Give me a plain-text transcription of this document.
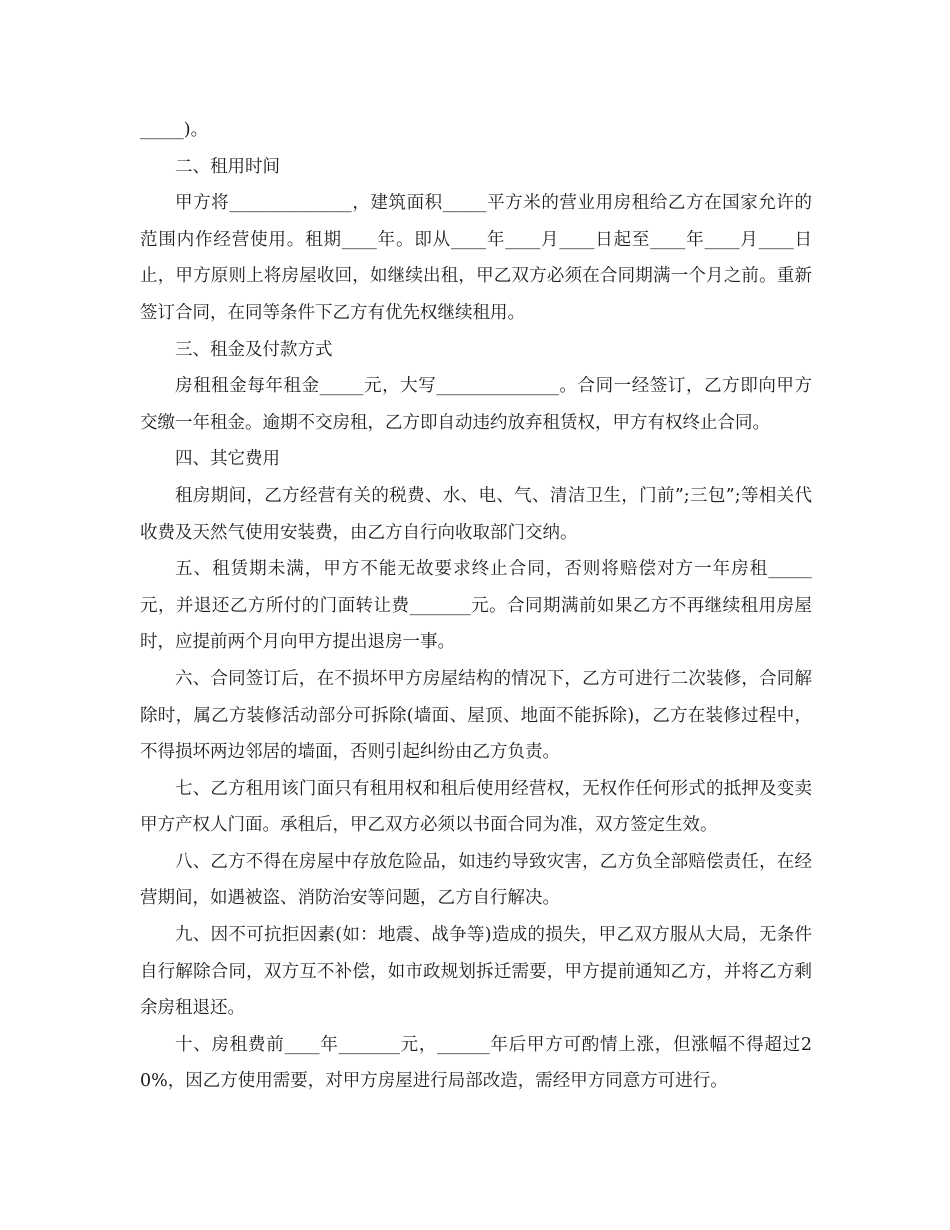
_____)。

二、租用时间

甲方将______________，建筑面积_____平方米的营业用房租给乙方在国家允许的范围内作经营使用。租期____年。即从____年____月____日起至____年____月____日止，甲方原则上将房屋收回，如继续出租，甲乙双方必须在合同期满一个月之前。重新签订合同，在同等条件下乙方有优先权继续租用。

三、租金及付款方式

房租租金每年租金_____元，大写______________。合同一经签订，乙方即向甲方交缴一年租金。逾期不交房租，乙方即自动违约放弃租赁权，甲方有权终止合同。

四、其它费用

租房期间，乙方经营有关的税费、水、电、气、清洁卫生，门前”;三包”;等相关代收费及天然气使用安装费，由乙方自行向收取部门交纳。

五、租赁期未满，甲方不能无故要求终止合同，否则将赔偿对方一年房租_____元，并退还乙方所付的门面转让费_______元。合同期满前如果乙方不再继续租用房屋时，应提前两个月向甲方提出退房一事。

六、合同签订后，在不损坏甲方房屋结构的情况下，乙方可进行二次装修，合同解除时，属乙方装修活动部分可拆除(墙面、屋顶、地面不能拆除)，乙方在装修过程中，不得损坏两边邻居的墙面，否则引起纠纷由乙方负责。

七、乙方租用该门面只有租用权和租后使用经营权，无权作任何形式的抵押及变卖甲方产权人门面。承租后，甲乙双方必须以书面合同为准，双方签定生效。

八、乙方不得在房屋中存放危险品，如违约导致灾害，乙方负全部赔偿责任，在经营期间，如遇被盗、消防治安等问题，乙方自行解决。

九、因不可抗拒因素(如：地震、战争等)造成的损失，甲乙双方服从大局，无条件自行解除合同，双方互不补偿，如市政规划拆迁需要，甲方提前通知乙方，并将乙方剩余房租退还。

十、房租费前____年_______元，______年后甲方可酌情上涨，但涨幅不得超过20%，因乙方使用需要，对甲方房屋进行局部改造，需经甲方同意方可进行。
